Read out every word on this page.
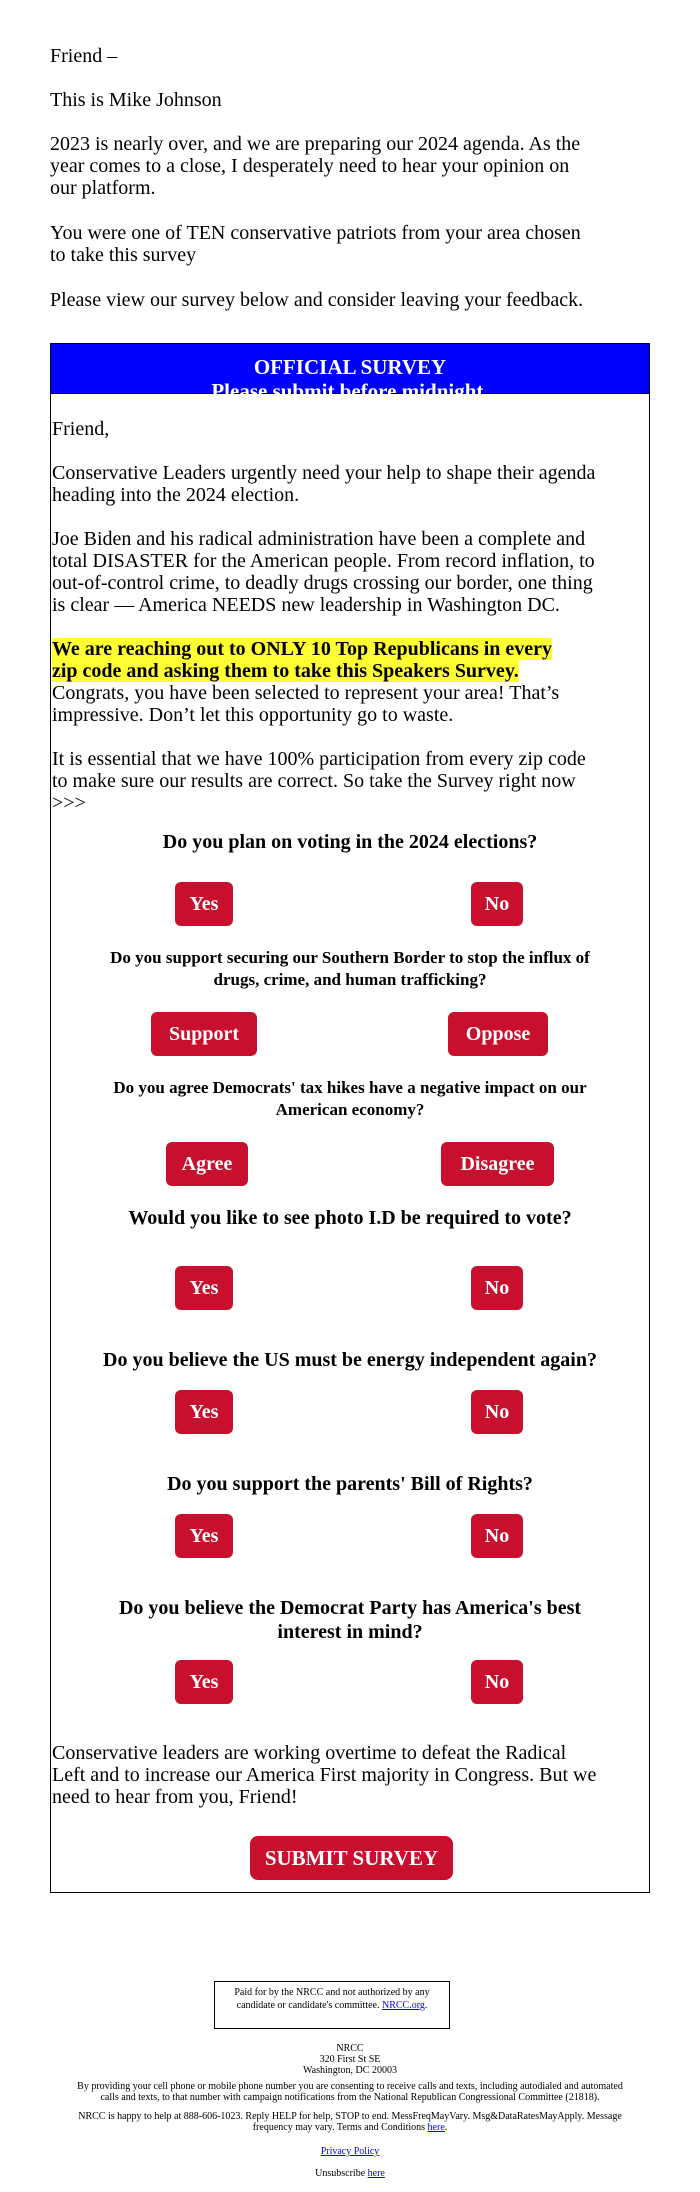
Friend –

This is Mike Johnson

2023 is nearly over, and we are preparing our 2024 agenda. As the
year comes to a close, I desperately need to hear your opinion on
our platform.
You were one of TEN conservative patriots from your area chosen
to take this survey

Please view our survey below and consider leaving your feedback.

OFFICIAL SURVEY
Please submit before midnight.
Friend,
Conservative Leaders urgently need your help to shape their agenda
heading into the 2024 election.
Joe Biden and his radical administration have been a complete and
total DISASTER for the American people. From record inflation, to
out-of-control crime, to deadly drugs crossing our border, one thing
is clear — America NEEDS new leadership in Washington DC.
We are reaching out to ONLY 10 Top Republicans in every
zip code and asking them to take this Speakers Survey.
Congrats, you have been selected to represent your area! That’s
impressive. Don’t let this opportunity go to waste.
It is essential that we have 100% participation from every zip code
to make sure our results are correct. So take the Survey right now
>>>
Do you plan on voting in the 2024 elections?
Yes	No
Do you support securing our Southern Border to stop the influx of
drugs, crime, and human trafficking?
Support	Oppose
Do you agree Democrats' tax hikes have a negative impact on our
American economy?
Agree	Disagree
Would you like to see photo I.D be required to vote?
Yes	No
Do you believe the US must be energy independent again?
Yes	No
Do you support the parents' Bill of Rights?
Yes	No
Do you believe the Democrat Party has America's best
interest in mind?
Yes	No
Conservative leaders are working overtime to defeat the Radical
Left and to increase our America First majority in Congress. But we
need to hear from you, Friend!
SUBMIT SURVEY
Paid for by the NRCC and not authorized by any
candidate or candidate's committee. NRCC.org.
NRCC
320 First St SE
Washington, DC 20003
By providing your cell phone or mobile phone number you are consenting to receive calls and texts, including autodialed and automated
calls and texts, to that number with campaign notifications from the National Republican Congressional Committee (21818).
NRCC is happy to help at 888-606-1023. Reply HELP for help, STOP to end. MessFreqMayVary. Msg&DataRatesMayApply. Message
frequency may vary. Terms and Conditions here.
Privacy Policy
Unsubscribe here
